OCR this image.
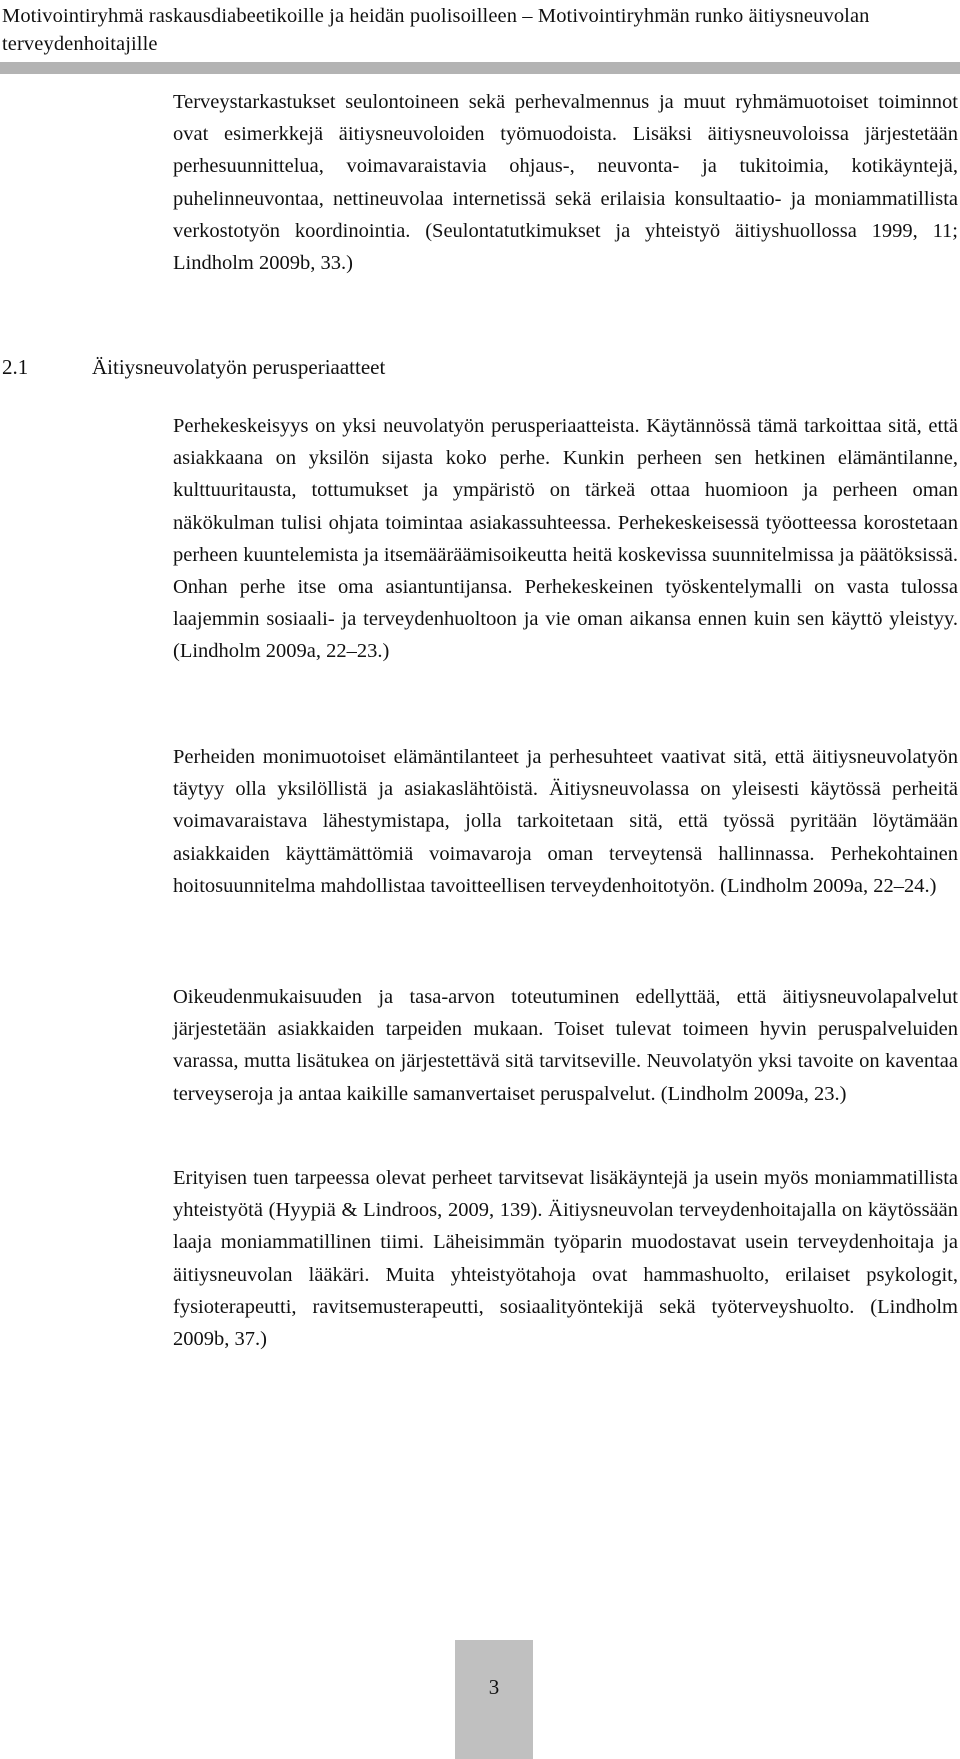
Motivointiryhmä raskausdiabeetikoille ja heidän puolisoilleen – Motivointiryhmän runko äitiysneuvolan terveydenhoitajille

Terveystarkastukset seulontoineen sekä perhevalmennus ja muut ryhmämuotoiset toiminnot ovat esimerkkejä äitiysneuvoloiden työmuodoista. Lisäksi äitiysneuvoloissa järjestetään perhesuunnittelua, voimavaraistavia ohjaus-, neuvonta- ja tukitoimia, kotikäyntejä, puhelinneuvontaa, nettineuvolaa internetissä sekä erilaisia konsultaatio- ja moniammatillista verkostotyön koordinointia. (Seulontatutkimukset ja yhteistyö äitiyshuollossa 1999, 11; Lindholm 2009b, 33.)

2.1	Äitiysneuvolatyön perusperiaatteet

Perhekeskeisyys on yksi neuvolatyön perusperiaatteista. Käytännössä tämä tarkoittaa sitä, että asiakkaana on yksilön sijasta koko perhe. Kunkin perheen sen hetkinen elämäntilanne, kulttuuritausta, tottumukset ja ympäristö on tärkeä ottaa huomioon ja perheen oman näkökulman tulisi ohjata toimintaa asiakassuhteessa. Perhekeskeisessä työotteessa korostetaan perheen kuuntelemista ja itsemääräämisoikeutta heitä koskevissa suunnitelmissa ja päätöksissä. Onhan perhe itse oma asiantuntijansa. Perhekeskeinen työskentelymalli on vasta tulossa laajemmin sosiaali- ja terveydenhuoltoon ja vie oman aikansa ennen kuin sen käyttö yleistyy. (Lindholm 2009a, 22–23.)

Perheiden monimuotoiset elämäntilanteet ja perhesuhteet vaativat sitä, että äitiysneuvolatyön täytyy olla yksilöllistä ja asiakaslähtöistä. Äitiysneuvolassa on yleisesti käytössä perheitä voimavaraistava lähestymistapa, jolla tarkoitetaan sitä, että työssä pyritään löytämään asiakkaiden käyttämättömiä voimavaroja oman terveytensä hallinnassa. Perhekohtainen hoitosuunnitelma mahdollistaa tavoitteellisen terveydenhoitotyön. (Lindholm 2009a, 22–24.)

Oikeudenmukaisuuden ja tasa-arvon toteutuminen edellyttää, että äitiysneuvolapalvelut järjestetään asiakkaiden tarpeiden mukaan. Toiset tulevat toimeen hyvin peruspalveluiden varassa, mutta lisätukea on järjestettävä sitä tarvitseville. Neuvolatyön yksi tavoite on kaventaa terveyseroja ja antaa kaikille samanvertaiset peruspalvelut. (Lindholm 2009a, 23.)

Erityisen tuen tarpeessa olevat perheet tarvitsevat lisäkäyntejä ja usein myös moniammatillista yhteistyötä (Hyypiä & Lindroos, 2009, 139). Äitiysneuvolan terveydenhoitajalla on käytössään laaja moniammatillinen tiimi. Läheisimmän työparin muodostavat usein terveydenhoitaja ja äitiysneuvolan lääkäri. Muita yhteistyötahoja ovat hammashuolto, erilaiset psykologit, fysioterapeutti, ravitsemusterapeutti, sosiaalityöntekijä sekä työterveyshuolto. (Lindholm 2009b, 37.)

3
